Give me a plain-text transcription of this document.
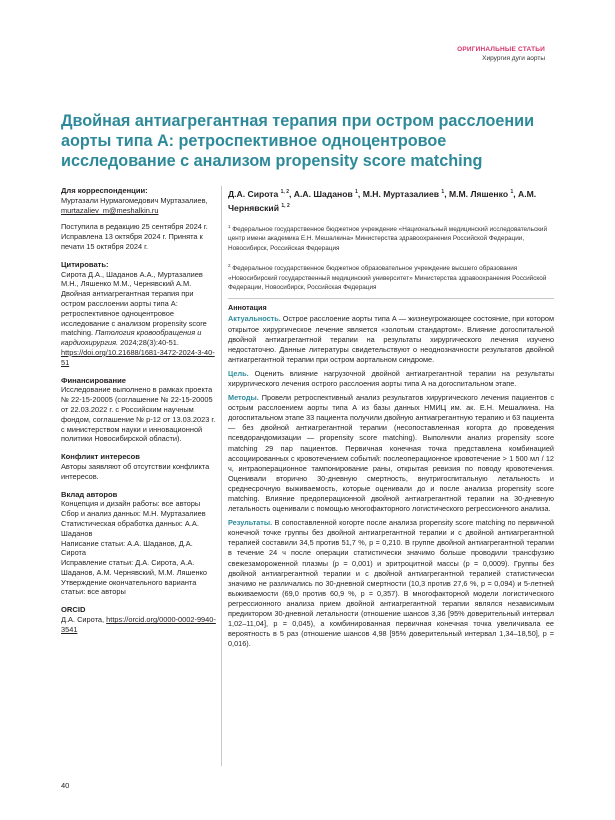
ОРИГИНАЛЬНЫЕ СТАТЬИ
Хирургия дуги аорты
Двойная антиагрегантная терапия при остром расслоении аорты типа А: ретроспективное одноцентровое исследование с анализом propensity score matching
Для корреспонденции:

Муртазали Нурмагомедович Муртазалиев,

murtazaliev_m@meshalkin.ru

Поступила в редакцию 25 сентября 2024 г. Исправлена 13 октября 2024 г. Принята к печати 15 октября 2024 г.

Цитировать:

Сирота Д.А., Шаданов А.А., Муртазалиев М.Н., Ляшенко М.М., Чернявский А.М. Двойная антиагрегантная терапия при остром расслоении аорты типа А: ретроспективное одноцентровое исследование с анализом propensity score matching. Патология кровообращения и кардиохирургия. 2024;28(3):40-51. https://doi.org/10.21688/1681-3472-2024-3-40-51

Финансирование

Исследование выполнено в рамках проекта № 22-15-20005 (соглашение № 22-15-20005 от 22.03.2022 г. с Российским научным фондом, соглашение № р-12 от 13.03.2023 г. с министерством науки и инновационной политики Новосибирской области).

Конфликт интересов

Авторы заявляют об отсутствии конфликта интересов.

Вклад авторов

Концепция и дизайн работы: все авторы

Сбор и анализ данных: М.Н. Муртазалиев

Статистическая обработка данных: А.А. Шаданов

Написание статьи: А.А. Шаданов, Д.А. Сирота

Исправление статьи: Д.А. Сирота, А.А. Шаданов, А.М. Чернявский, М.М. Ляшенко

Утверждение окончательного варианта статьи: все авторы

ORCID

Д.А. Сирота, https://orcid.org/0000-0002-9940-3541

Д.А. Сирота $^{1, 2}$, А.А. Шаданов $^1$, М.Н. Муртазалиев $^1$, М.М. Ляшенко $^1$, А.М. Чернявский $^{1, 2}$

$^1$ Федеральное государственное бюджетное учреждение «Национальный медицинский исследовательский центр имени академика Е.Н. Мешалкина» Министерства здравоохранения Российской Федерации, Новосибирск, Российская Федерация

$^2$ Федеральное государственное бюджетное образовательное учреждение высшего образования «Новосибирский государственный медицинский университет» Министерства здравоохранения Российской Федерации, Новосибирск, Российская Федерация

Аннотация

Актуальность. Острое расслоение аорты типа А — жизнеугрожающее состояние, при котором открытое хирургическое лечение является «золотым стандартом». Влияние догоспитальной двойной антиагрегантной терапии на результаты хирургического лечения изучено недостаточно. Данные литературы свидетельствуют о неоднозначности результатов двойной антиагрегантной терапии при остром аортальном синдроме.

Цель. Оценить влияние нагрузочной двойной антиагрегантной терапии на результаты хирургического лечения острого расслоения аорты типа А на догоспитальном этапе.

Методы. Провели ретроспективный анализ результатов хирургического лечения пациентов с острым расслоением аорты типа А из базы данных НМИЦ им. ак. Е.Н. Мешалкина. На догоспитальном этапе 33 пациента получили двойную антиагрегантную терапию и 63 пациента — без двойной антиагрегантной терапии (несопоставленная когорта до проведения псевдорандомизации — propensity score matching). Выполнили анализ propensity score matching 29 пар пациентов. Первичная конечная точка представлена комбинацией ассоциированных с кровотечением событий: послеоперационное кровотечение > 1 500 мл / 12 ч, интраоперационное тампонирование раны, открытая ревизия по поводу кровотечения. Оценивали вторично 30-дневную смертность, внутригоспитальную летальность и среднесрочную выживаемость, которые оценивали до и после анализа propensity score matching. Влияние предоперационной двойной антиагрегантной терапии на 30-дневную летальность оценивали с помощью многофакторного логистического регрессионного анализа.

Результаты. В сопоставленной когорте после анализа propensity score matching по первичной конечной точке группы без двойной антиагрегантной терапии и с двойной антиагрегантной терапией составили 34,5 против 51,7 %, p = 0,210. В группе двойной антиагрегантной терапии в течение 24 ч после операции статистически значимо больше проводили трансфузию свежезамороженной плазмы (p = 0,001) и эритроцитной массы (p = 0,0009). Группы без двойной антиагрегантной терапии и с двойной антиагрегантной терапией статистически значимо не различались по 30-дневной смертности (10,3 против 27,6 %, p = 0,094) и 5-летней выживаемости (69,0 против 60,9 %, p = 0,357). В многофакторной модели логистического регрессионного анализа прием двойной антиагрегантной терапии являлся независимым предиктором 30-дневной летальности (отношение шансов 3,36 [95% доверительный интервал 1,02–11,04], p = 0,045), а комбинированная первичная конечная точка увеличивала ее вероятность в 5 раз (отношение шансов 4,98 [95% доверительный интервал 1,34–18,50], p = 0,016).

40
